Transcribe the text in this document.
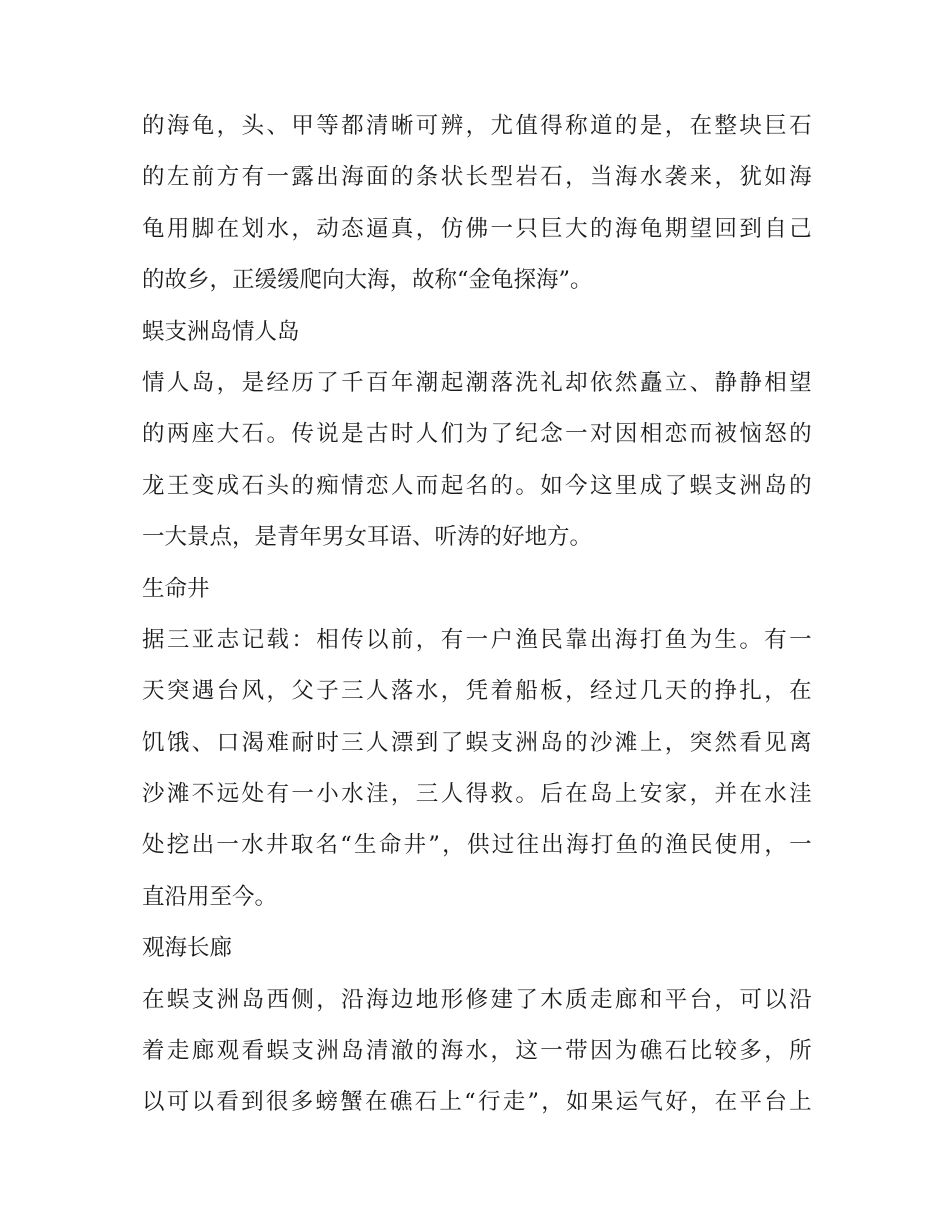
的 海 龟 ， 头 、 甲 等 都 清 晰 可 辨 ， 尤 值 得 称 道 的 是 ， 在 整 块 巨 石
的 左 前 方 有 一 露 出 海 面 的 条 状 长 型 岩 石 ， 当 海 水 袭 来 ， 犹 如 海
龟 用 脚 在 划 水 ， 动 态 逼 真 ， 仿 佛 一 只 巨 大 的 海 龟 期 望 回 到 自 己
的故乡，正缓缓爬向大海，故称“金龟探海”。
蜈支洲岛情人岛
情 人 岛 ， 是 经 历 了 千 百 年 潮 起 潮 落 洗 礼 却 依 然 矗 立 、 静 静 相 望
的 两 座 大 石 。 传 说 是 古 时 人 们 为 了 纪 念 一 对 因 相 恋 而 被 恼 怒 的
龙 王 变 成 石 头 的 痴 情 恋 人 而 起 名 的 。 如 今 这 里 成 了 蜈 支 洲 岛 的
一大景点，是青年男女耳语、听涛的好地方。
生命井
据 三 亚 志 记 载 ： 相 传 以 前 ， 有 一 户 渔 民 靠 出 海 打 鱼 为 生 。 有 一
天 突 遇 台 风 ， 父 子 三 人 落 水 ， 凭 着 船 板 ， 经 过 几 天 的 挣 扎 ， 在
饥 饿 、 口 渴 难 耐 时 三 人 漂 到 了 蜈 支 洲 岛 的 沙 滩 上 ， 突 然 看 见 离
沙 滩 不 远 处 有 一 小 水 洼 ， 三 人 得 救 。 后 在 岛 上 安 家 ， 并 在 水 洼
处 挖 出 一 水 井 取 名 “ 生 命 井 ” ， 供 过 往 出 海 打 鱼 的 渔 民 使 用 ， 一
直沿用至今。
观海长廊
在 蜈 支 洲 岛 西 侧 ， 沿 海 边 地 形 修 建 了 木 质 走 廊 和 平 台 ， 可 以 沿
着 走 廊 观 看 蜈 支 洲 岛 清 澈 的 海 水 ， 这 一 带 因 为 礁 石 比 较 多 ， 所
以 可 以 看 到 很 多 螃 蟹 在 礁 石 上 “ 行 走 ” ， 如 果 运 气 好 ， 在 平 台 上
